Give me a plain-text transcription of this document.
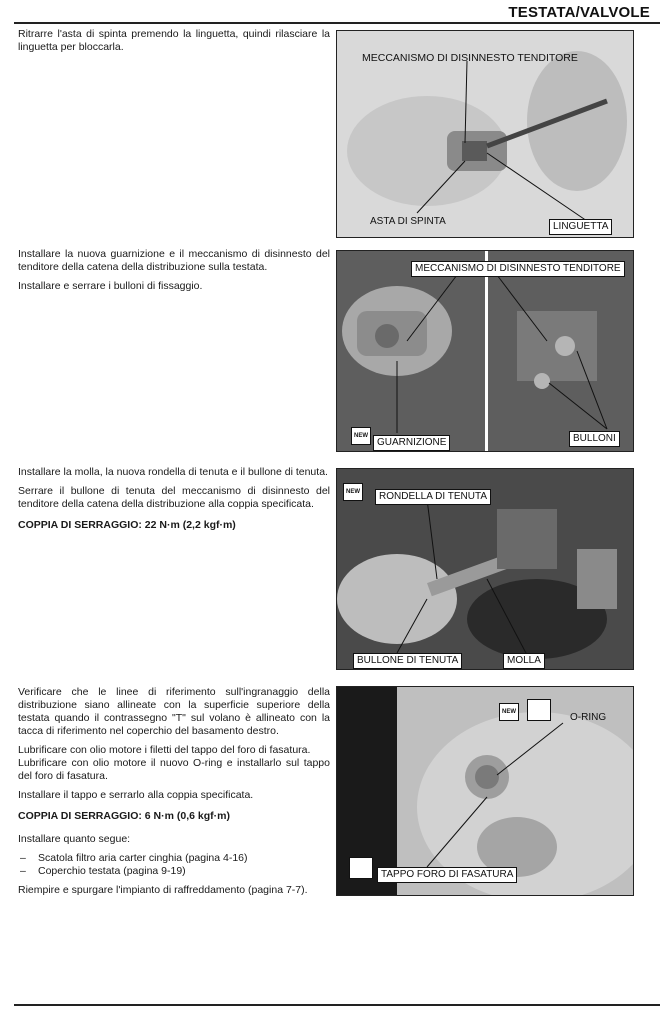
TESTATA/VALVOLE

Ritrarre l'asta di spinta premendo la linguetta, quindi rilasciare la linguetta per bloccarla.

MECCANISMO DI DISINNESTO TENDITORE
ASTA DI SPINTA	LINGUETTA

Installare la nuova guarnizione e il meccanismo di disinnesto del tenditore della catena della distribuzione sulla testata.

Installare e serrare i bulloni di fissaggio.

MECCANISMO DI DISINNESTO TENDITORE
NEW
GUARNIZIONE	BULLONI

Installare la molla, la nuova rondella di tenuta e il bullone di tenuta.

Serrare il bullone di tenuta del meccanismo di disinnesto del tenditore della catena della distribuzione alla coppia specificata.

COPPIA DI SERRAGGIO: 22 N·m (2,2 kgf·m)

NEW	RONDELLA DI TENUTA
BULLONE DI TENUTA	MOLLA

Verificare che le linee di riferimento sull'ingranaggio della distribuzione siano allineate con la superficie superiore della testata quando il contrassegno "T" sul volano è allineato con la tacca di riferimento nel coperchio del basamento destro.

Lubrificare con olio motore i filetti del tappo del foro di fasatura.

Lubrificare con olio motore il nuovo O-ring e installarlo sul tappo del foro di fasatura.

Installare il tappo e serrarlo alla coppia specificata.

COPPIA DI SERRAGGIO: 6 N·m (0,6 kgf·m)

Installare quanto segue:

– Scatola filtro aria carter cinghia (pagina 4-16)
– Coperchio testata (pagina 9-19)

Riempire e spurgare l'impianto di raffreddamento (pagina 7-7).

NEW	O-RING
TAPPO FORO DI FASATURA
